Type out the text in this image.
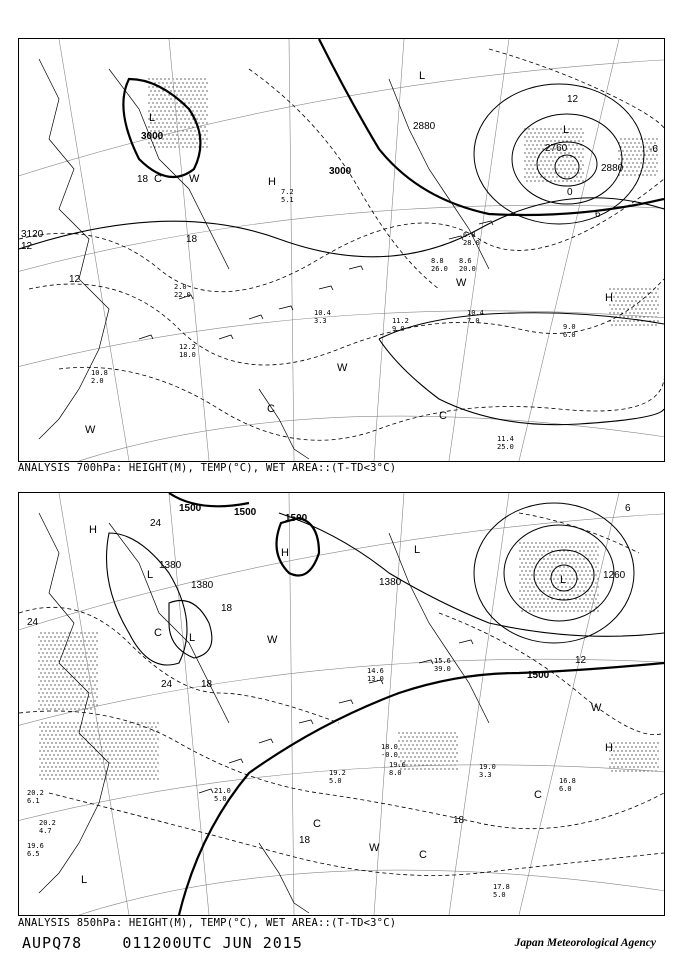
3000
3000
3120
2880
2760
2880
12
12
18
18
12
0
6
-6
L
L
L
H
H
W
W
W
W
C
C
C
10.4
7.0
11.2
9.0	9.0
6.0
11.4
25.0
10.4
3.3
8.6
20.0
8.8
26.0
6.8
28.0
2.0
22.0
7.2
5.1
12.2
18.0
10.8
2.0
ANALYSIS 700hPa: HEIGHT(M), TEMP(°C), WET AREA::(T-TD<3°C)
1500	1500
1500
1500
1380
1380	1380
1260
24
24
24
18
18
18
18
12
6
L
L
L
L
L
H
H
H
W
W
W
C
C
C
C
19.0
3.3
16.8
6.0
17.8
5.0
19.6
8.0
19.2
5.0
18.0
-0.0
15.6
39.0
20.2
6.1
19.6
6.5
20.2
4.7
14.6
13.0
21.0
5.0
ANALYSIS 850hPa: HEIGHT(M), TEMP(°C), WET AREA::(T-TD<3°C)
AUPQ78	011200UTC JUN 2015	Japan Meteorological Agency
